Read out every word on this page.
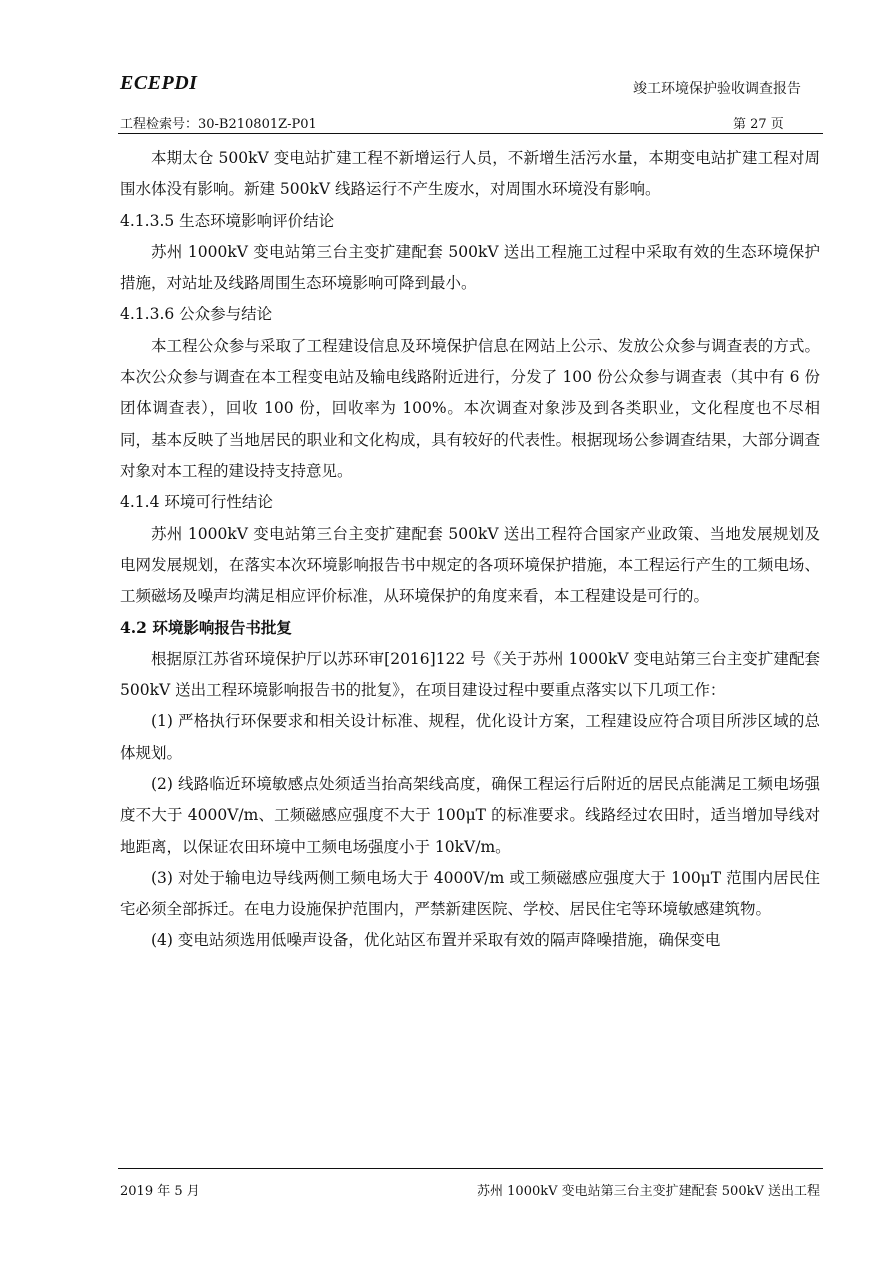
ECEPDI	竣工环境保护验收调查报告
工程检索号：30-B210801Z-P01	第 27 页

本期太仓 500kV 变电站扩建工程不新增运行人员，不新增生活污水量，本期变电站扩建工程对周围水体没有影响。新建 500kV 线路运行不产生废水，对周围水环境没有影响。

4.1.3.5 生态环境影响评价结论

苏州 1000kV 变电站第三台主变扩建配套 500kV 送出工程施工过程中采取有效的生态环境保护措施，对站址及线路周围生态环境影响可降到最小。

4.1.3.6 公众参与结论

本工程公众参与采取了工程建设信息及环境保护信息在网站上公示、发放公众参与调查表的方式。本次公众参与调查在本工程变电站及输电线路附近进行，分发了 100 份公众参与调查表（其中有 6 份团体调查表），回收 100 份，回收率为 100%。本次调查对象涉及到各类职业，文化程度也不尽相同，基本反映了当地居民的职业和文化构成，具有较好的代表性。根据现场公参调查结果，大部分调查对象对本工程的建设持支持意见。

4.1.4 环境可行性结论

苏州 1000kV 变电站第三台主变扩建配套 500kV 送出工程符合国家产业政策、当地发展规划及电网发展规划，在落实本次环境影响报告书中规定的各项环境保护措施，本工程运行产生的工频电场、工频磁场及噪声均满足相应评价标准，从环境保护的角度来看，本工程建设是可行的。

4.2 环境影响报告书批复

根据原江苏省环境保护厅以苏环审[2016]122 号《关于苏州 1000kV 变电站第三台主变扩建配套 500kV 送出工程环境影响报告书的批复》，在项目建设过程中要重点落实以下几项工作：

(1) 严格执行环保要求和相关设计标准、规程，优化设计方案，工程建设应符合项目所涉区域的总体规划。

(2) 线路临近环境敏感点处须适当抬高架线高度，确保工程运行后附近的居民点能满足工频电场强度不大于 4000V/m、工频磁感应强度不大于 100μT 的标准要求。线路经过农田时，适当增加导线对地距离，以保证农田环境中工频电场强度小于 10kV/m。

(3) 对处于输电边导线两侧工频电场大于 4000V/m 或工频磁感应强度大于 100μT 范围内居民住宅必须全部拆迁。在电力设施保护范围内，严禁新建医院、学校、居民住宅等环境敏感建筑物。

(4) 变电站须选用低噪声设备，优化站区布置并采取有效的隔声降噪措施，确保变电

2019 年 5 月	苏州 1000kV 变电站第三台主变扩建配套 500kV 送出工程
